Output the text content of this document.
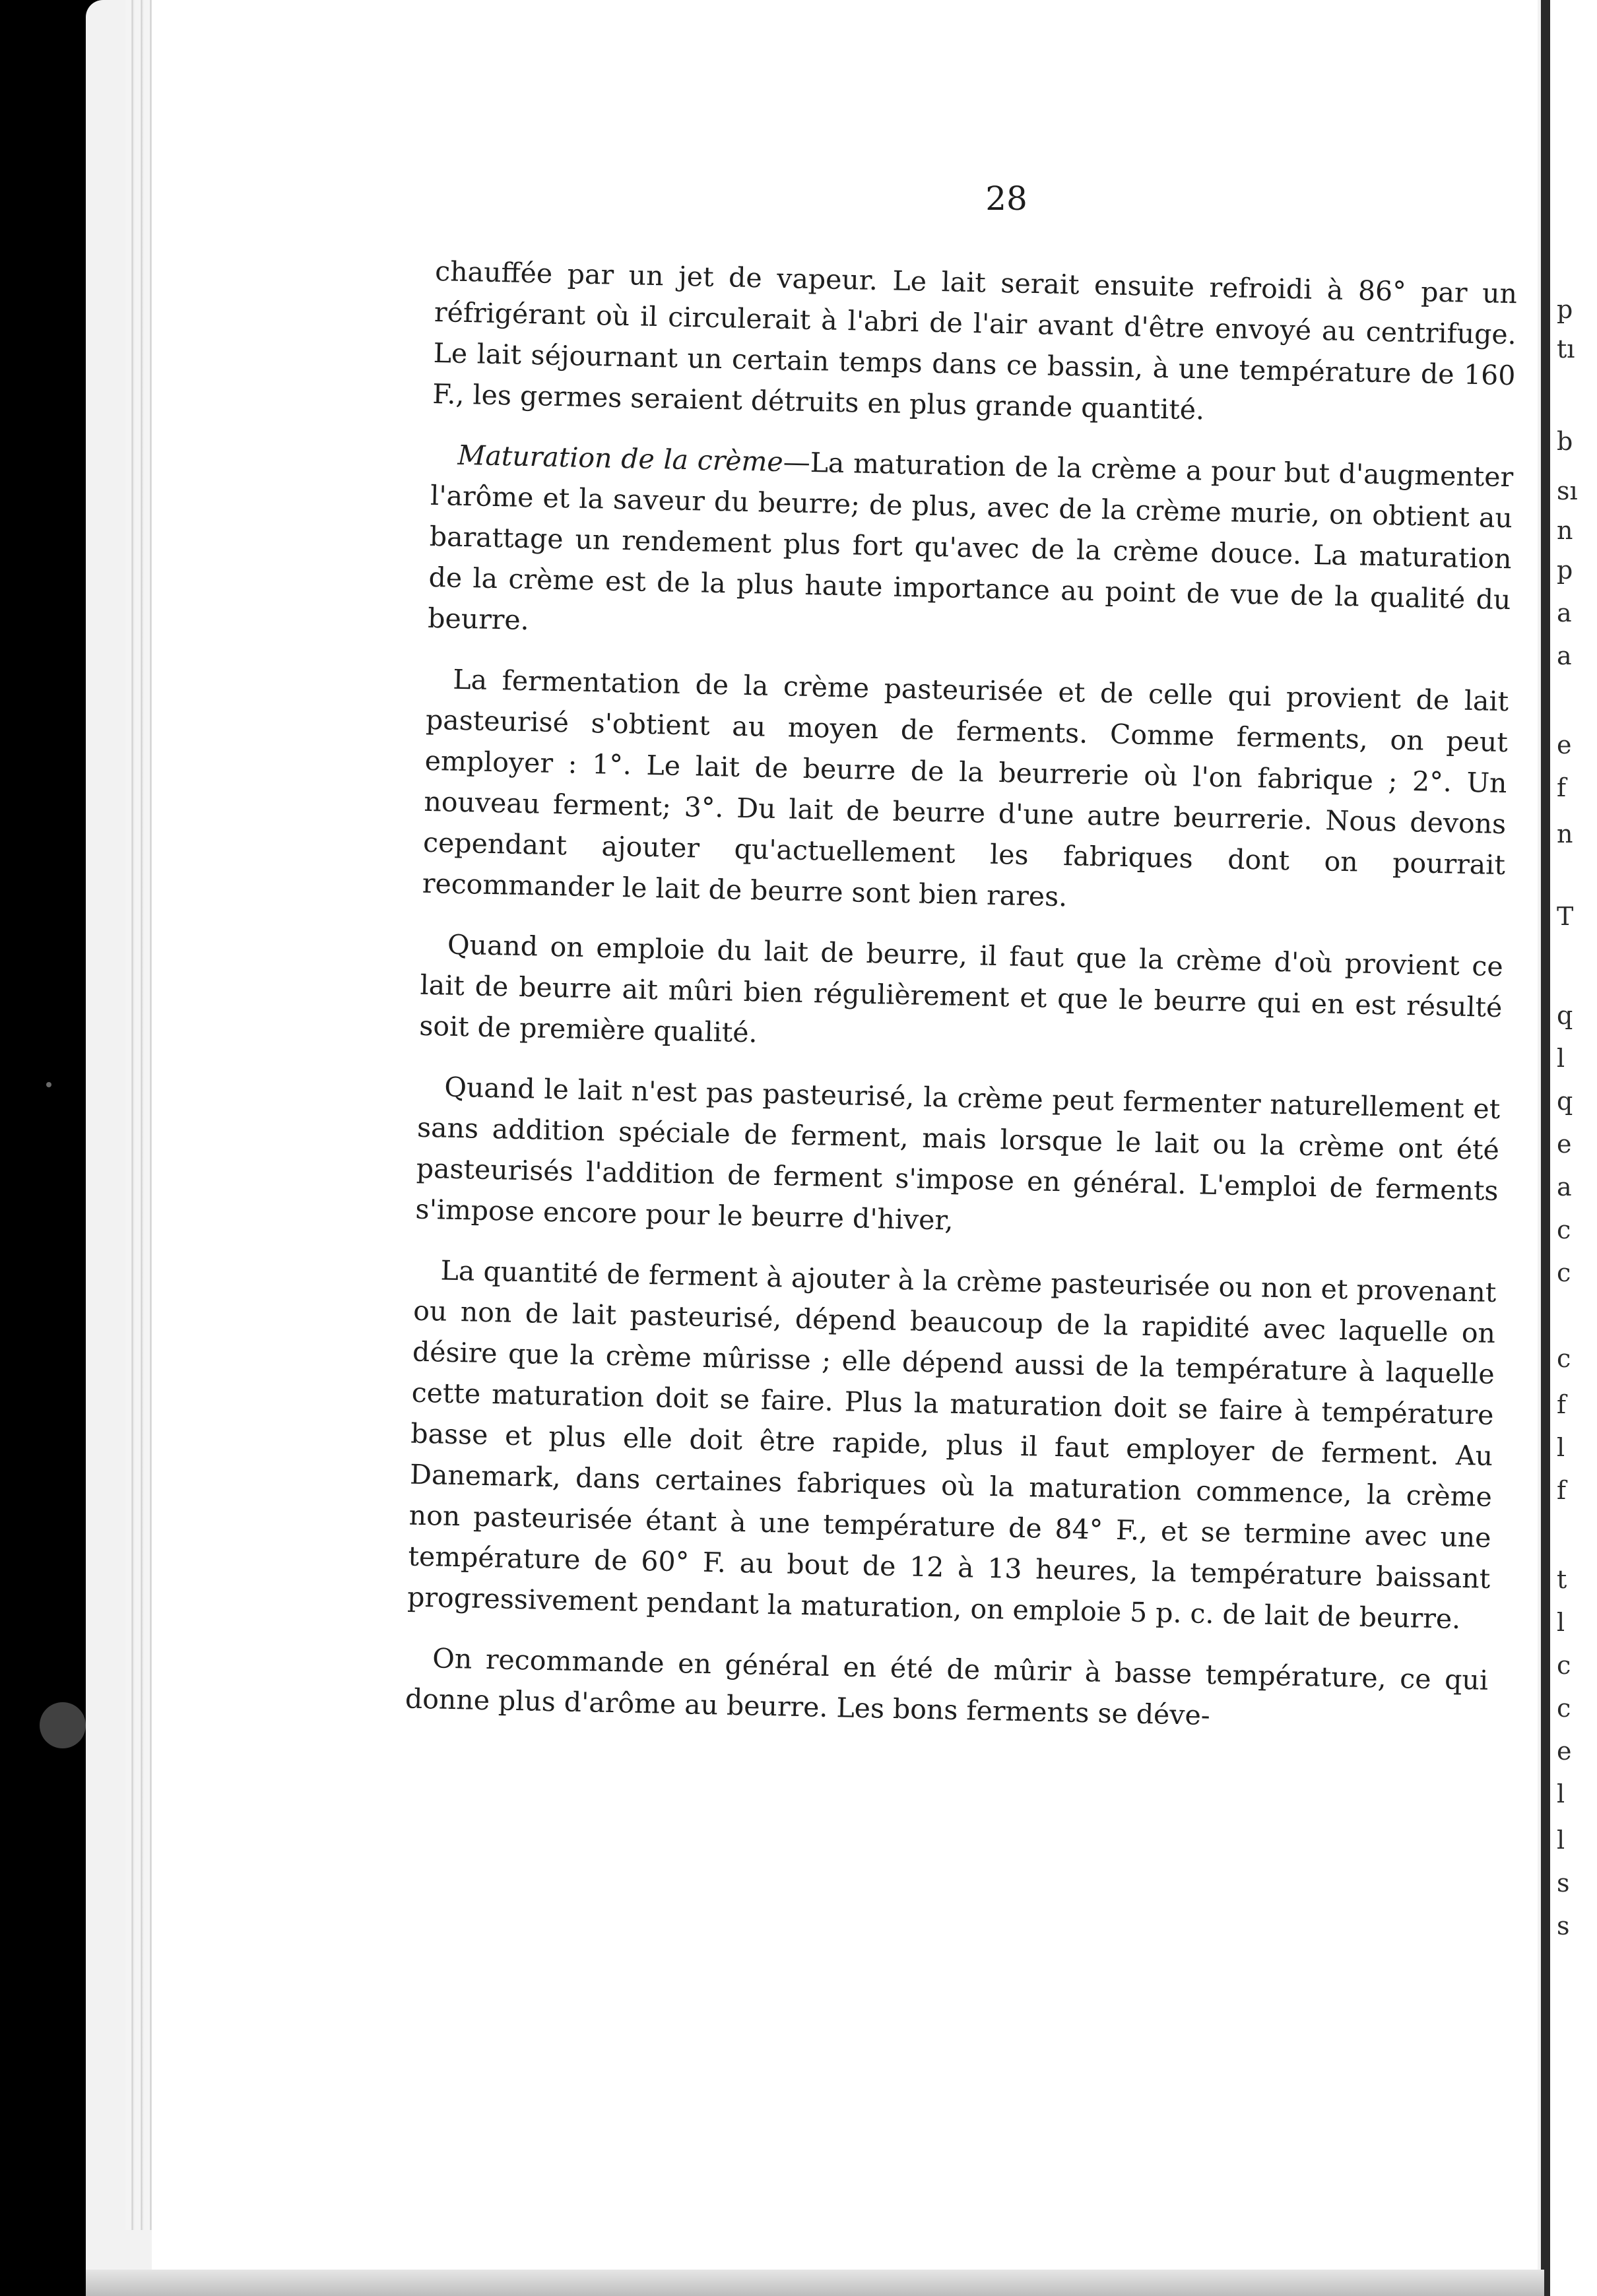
28

chauffée par un jet de vapeur. Le lait serait ensuite refroidi à 86° par un réfrigérant où il circulerait à l'abri de l'air avant d'être envoyé au centrifuge. Le lait séjournant un certain temps dans ce bassin, à une température de 160 F., les germes seraient détruits en plus grande quantité.

Maturation de la crème—La maturation de la crème a pour but d'augmenter l'arôme et la saveur du beurre; de plus, avec de la crème murie, on obtient au barattage un rendement plus fort qu'avec de la crème douce. La maturation de la crème est de la plus haute importance au point de vue de la qualité du beurre.

La fermentation de la crème pasteurisée et de celle qui provient de lait pasteurisé s'obtient au moyen de ferments. Comme ferments, on peut employer : 1°. Le lait de beurre de la beurrerie où l'on fabrique ; 2°. Un nouveau ferment; 3°. Du lait de beurre d'une autre beurrerie. Nous devons cependant ajouter qu'actuellement les fabriques dont on pourrait recommander le lait de beurre sont bien rares.

Quand on emploie du lait de beurre, il faut que la crème d'où provient ce lait de beurre ait mûri bien régulièrement et que le beurre qui en est résulté soit de première qualité.

Quand le lait n'est pas pasteurisé, la crème peut fermenter naturellement et sans addition spéciale de ferment, mais lorsque le lait ou la crème ont été pasteurisés l'addition de ferment s'impose en général. L'emploi de ferments s'impose encore pour le beurre d'hiver,

La quantité de ferment à ajouter à la crème pasteurisée ou non et provenant ou non de lait pasteurisé, dépend beaucoup de la rapidité avec laquelle on désire que la crème mûrisse ; elle dépend aussi de la température à laquelle cette maturation doit se faire. Plus la maturation doit se faire à température basse et plus elle doit être rapide, plus il faut employer de ferment. Au Danemark, dans certaines fabriques où la maturation commence, la crème non pasteurisée étant à une température de 84° F., et se termine avec une température de 60° F. au bout de 12 à 13 heures, la température baissant progressivement pendant la maturation, on emploie 5 p. c. de lait de beurre.

On recommande en général en été de mûrir à basse température, ce qui donne plus d'arôme au beurre. Les bons ferments se déve-

p
tı
b
sı
n
p
a
a
e
f
n
T
q
l
q
e
a
c
c
c
f
l
f
t
l
c
c
e
l
l
s
s
